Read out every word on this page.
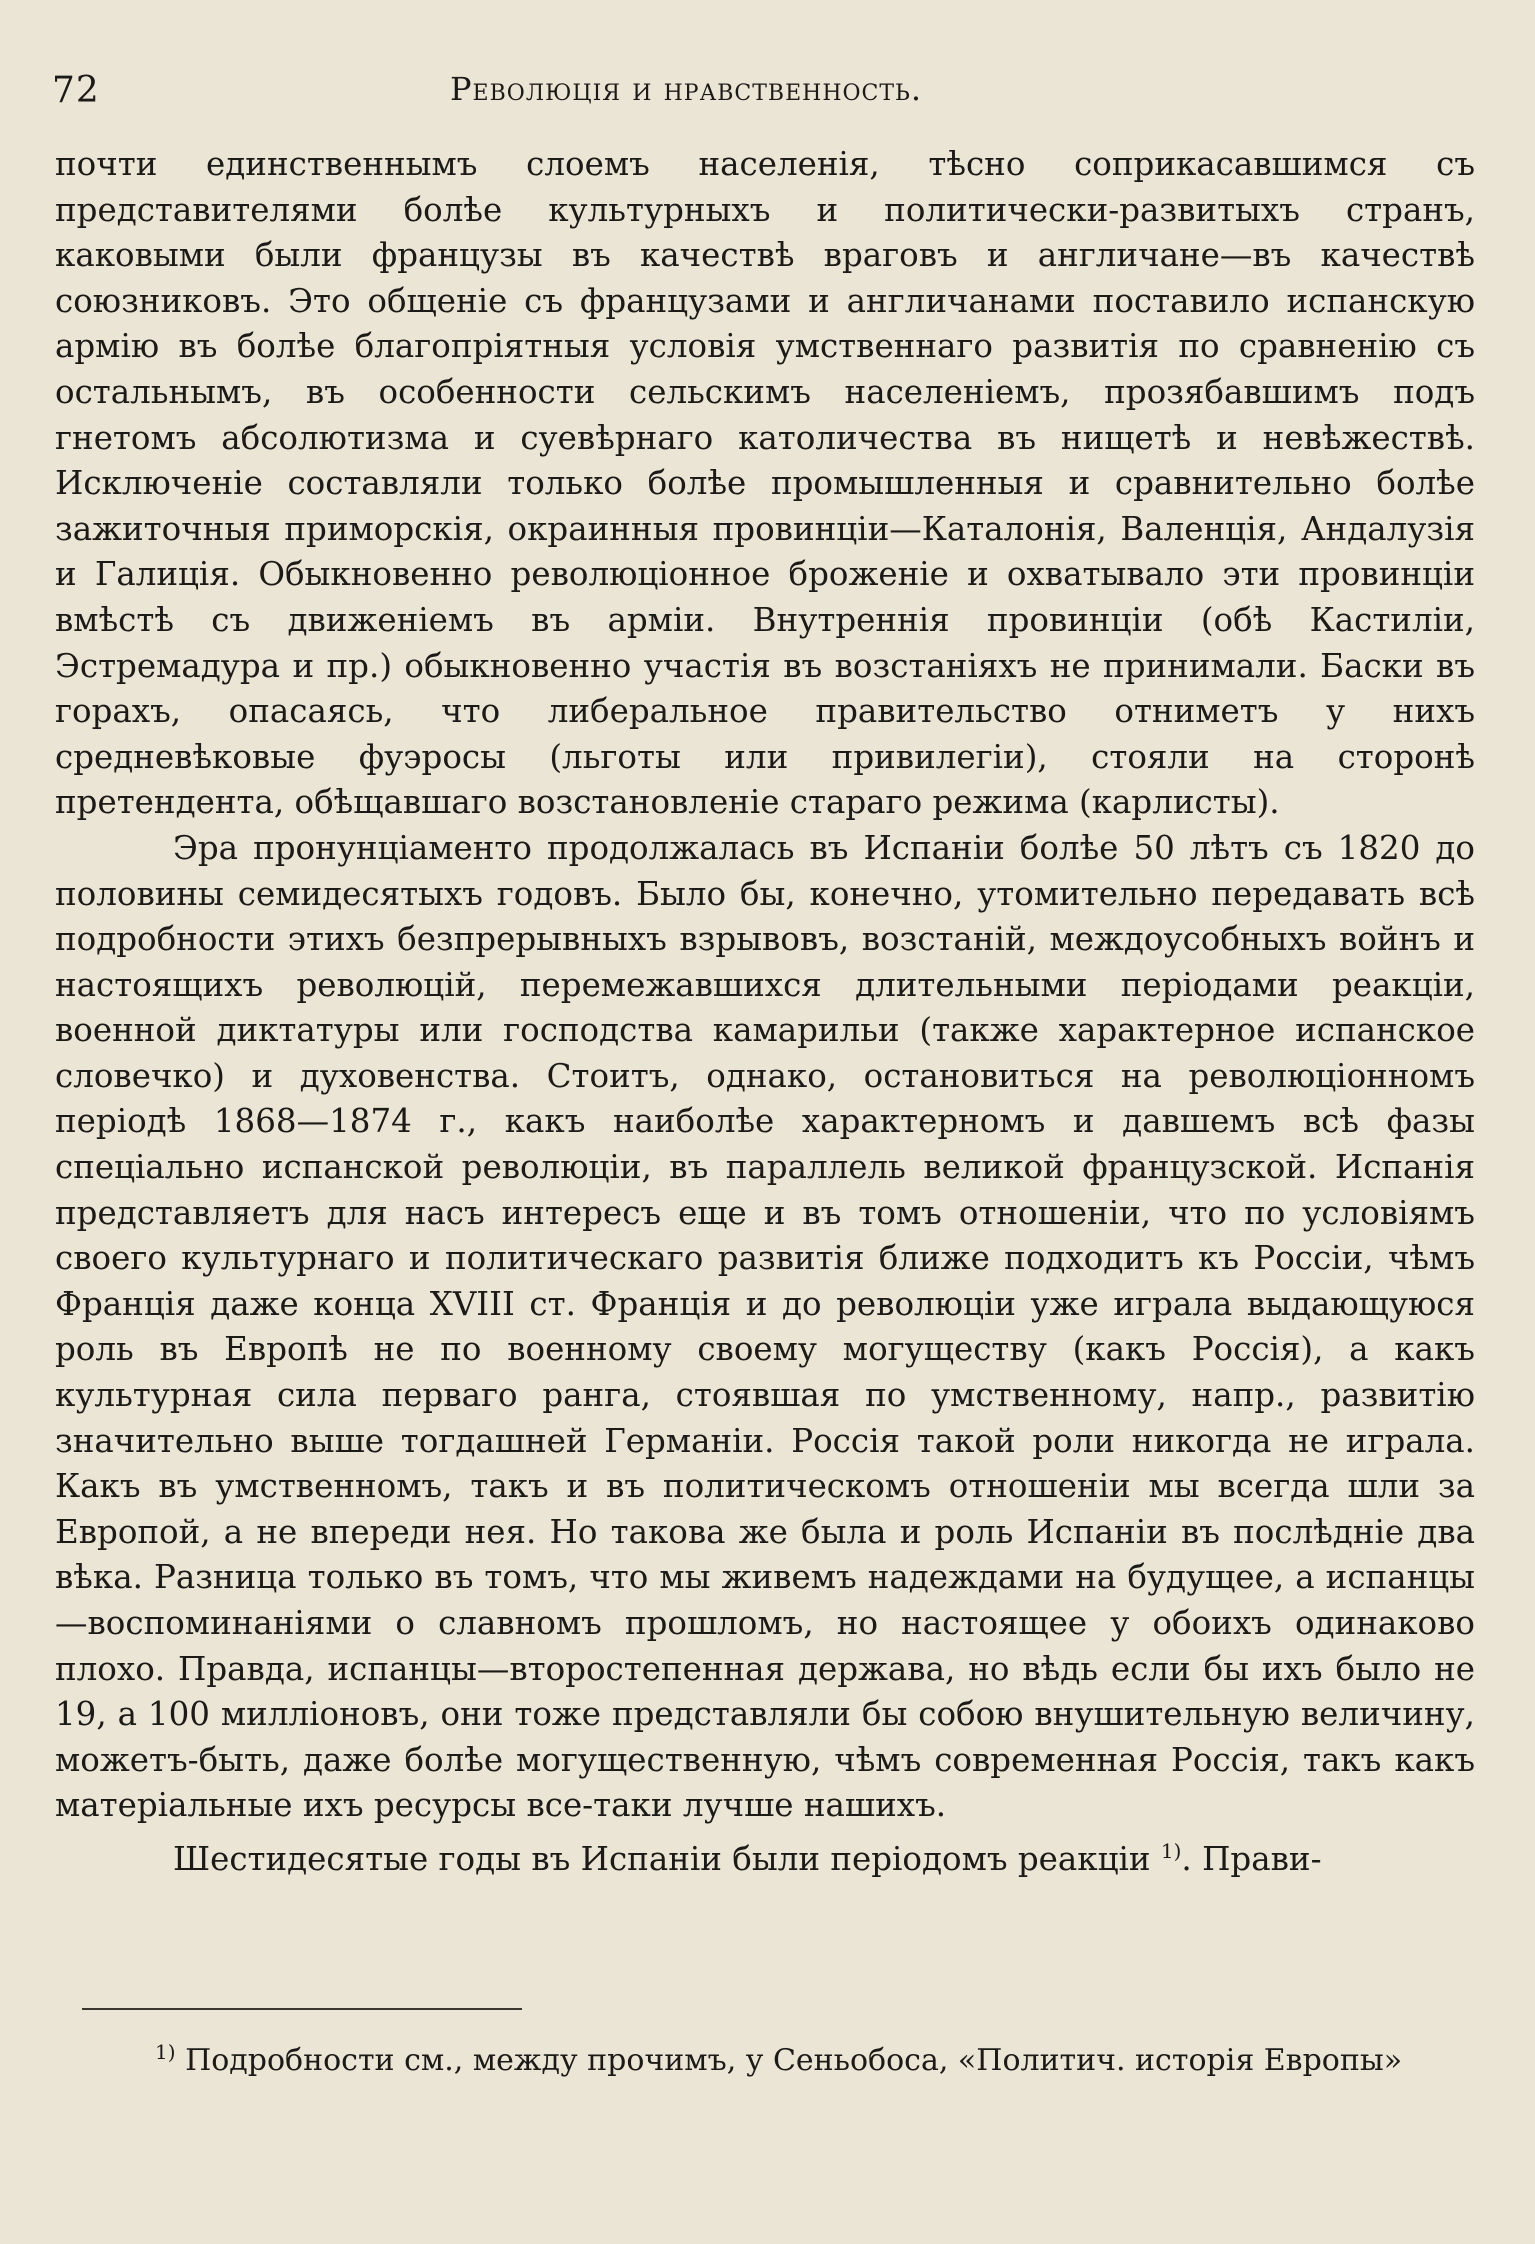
72	Революція и нравственность.

почти единственнымъ слоемъ населенія, тѣсно соприкасавшимся съ представителями болѣе культурныхъ и политически-развитыхъ странъ, каковыми были французы въ качествѣ враговъ и англичане—въ качествѣ союзниковъ. Это общеніе съ французами и англичанами поставило испанскую армію въ болѣе благопріятныя условія умственнаго развитія по сравненію съ остальнымъ, въ особенности сельскимъ населеніемъ, прозябавшимъ подъ гнетомъ абсолютизма и суевѣрнаго католичества въ нищетѣ и невѣжествѣ. Исключеніе составляли только болѣе промышленныя и сравнительно болѣе зажиточныя приморскія, окраинныя провинціи—Каталонія, Валенція, Андалузія и Галиція. Обыкновенно революціонное броженіе и охватывало эти провинціи вмѣстѣ съ движеніемъ въ арміи. Внутреннія провинціи (обѣ Кастиліи, Эстремадура и пр.) обыкновенно участія въ возстаніяхъ не принимали. Баски въ горахъ, опасаясь, что либеральное правительство отниметъ у нихъ средневѣковые фуэросы (льготы или привилегіи), стояли на сторонѣ претендента, обѣщавшаго возстановленіе стараго режима (карлисты).

Эра пронунціаменто продолжалась въ Испаніи болѣе 50 лѣтъ съ 1820 до половины семидесятыхъ годовъ. Было бы, конечно, утомительно передавать всѣ подробности этихъ безпрерывныхъ взрывовъ, возстаній, междоусобныхъ войнъ и настоящихъ революцій, перемежавшихся длительными періодами реакціи, военной диктатуры или господства камарильи (также характерное испанское словечко) и духовенства. Стоитъ, однако, остановиться на революціонномъ періодѣ 1868—1874 г., какъ наиболѣе характерномъ и давшемъ всѣ фазы спеціально испанской революціи, въ параллель великой французской. Испанія представляетъ для насъ интересъ еще и въ томъ отношеніи, что по условіямъ своего культурнаго и политическаго развитія ближе подходитъ къ Россіи, чѣмъ Франція даже конца XVIII ст. Франція и до революціи уже играла выдающуюся роль въ Европѣ не по военному своему могуществу (какъ Россія), а какъ культурная сила перваго ранга, стоявшая по умственному, напр., развитію значительно выше тогдашней Германіи. Россія такой роли никогда не играла. Какъ въ умственномъ, такъ и въ политическомъ отношеніи мы всегда шли за Европой, а не впереди нея. Но такова же была и роль Испаніи въ послѣдніе два вѣка. Разница только въ томъ, что мы живемъ надеждами на будущее, а испанцы—воспоминаніями о славномъ прошломъ, но настоящее у обоихъ одинаково плохо. Правда, испанцы—второстепенная держава, но вѣдь если бы ихъ было не 19, а 100 милліоновъ, они тоже представляли бы собою внушительную величину, можетъ-быть, даже болѣе могущественную, чѣмъ современная Россія, такъ какъ матеріальные ихъ ресурсы все-таки лучше нашихъ.

Шестидесятые годы въ Испаніи были періодомъ реакціи $^{1)}$. Прави-

$^{1)}$ Подробности см., между прочимъ, у Сеньобоса, «Политич. исторія Европы»
